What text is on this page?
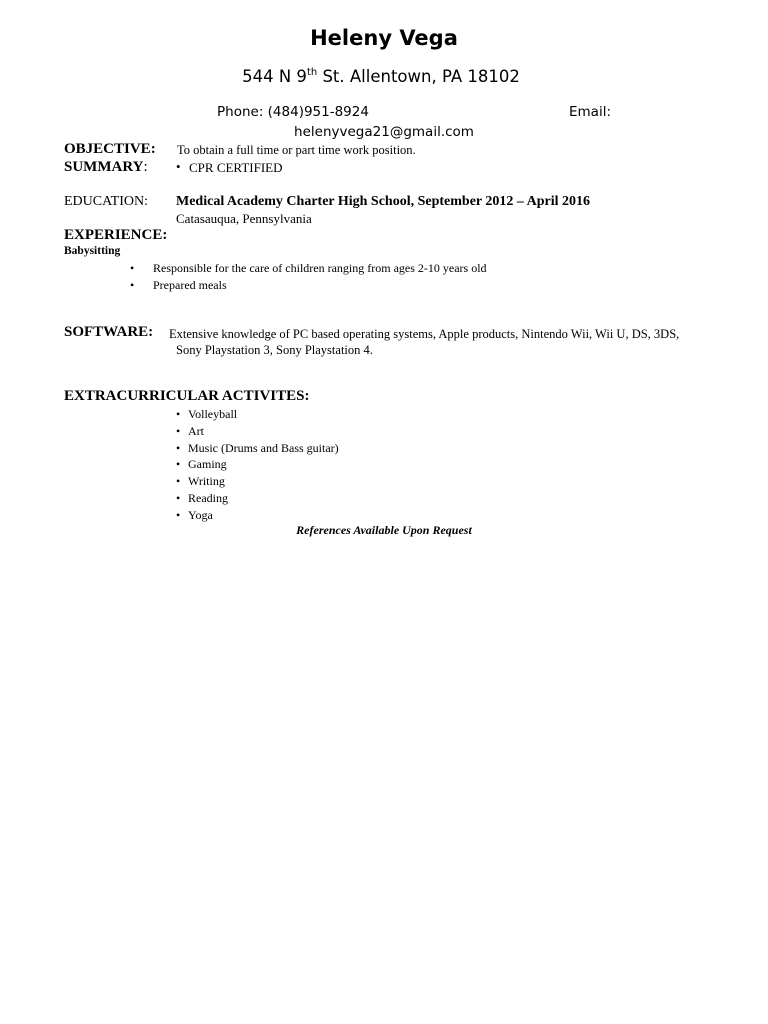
Heleny Vega
544 N 9th St. Allentown, PA 18102
Phone: (484)951-8924	Email:
helenyvega21@gmail.com
OBJECTIVE: To obtain a full time or part time work position.
SUMMARY: • CPR CERTIFIED
EDUCATION: Medical Academy Charter High School, September 2012 – April 2016
Catasauqua, Pennsylvania
EXPERIENCE:
Babysitting
• Responsible for the care of children ranging from ages 2-10 years old
• Prepared meals
SOFTWARE: Extensive knowledge of PC based operating systems, Apple products, Nintendo Wii, Wii U, DS, 3DS,
Sony Playstation 3, Sony Playstation 4.
EXTRACURRICULAR ACTIVITES:
• Volleyball
• Art
• Music (Drums and Bass guitar)
• Gaming
• Writing
• Reading
• Yoga
References Available Upon Request
